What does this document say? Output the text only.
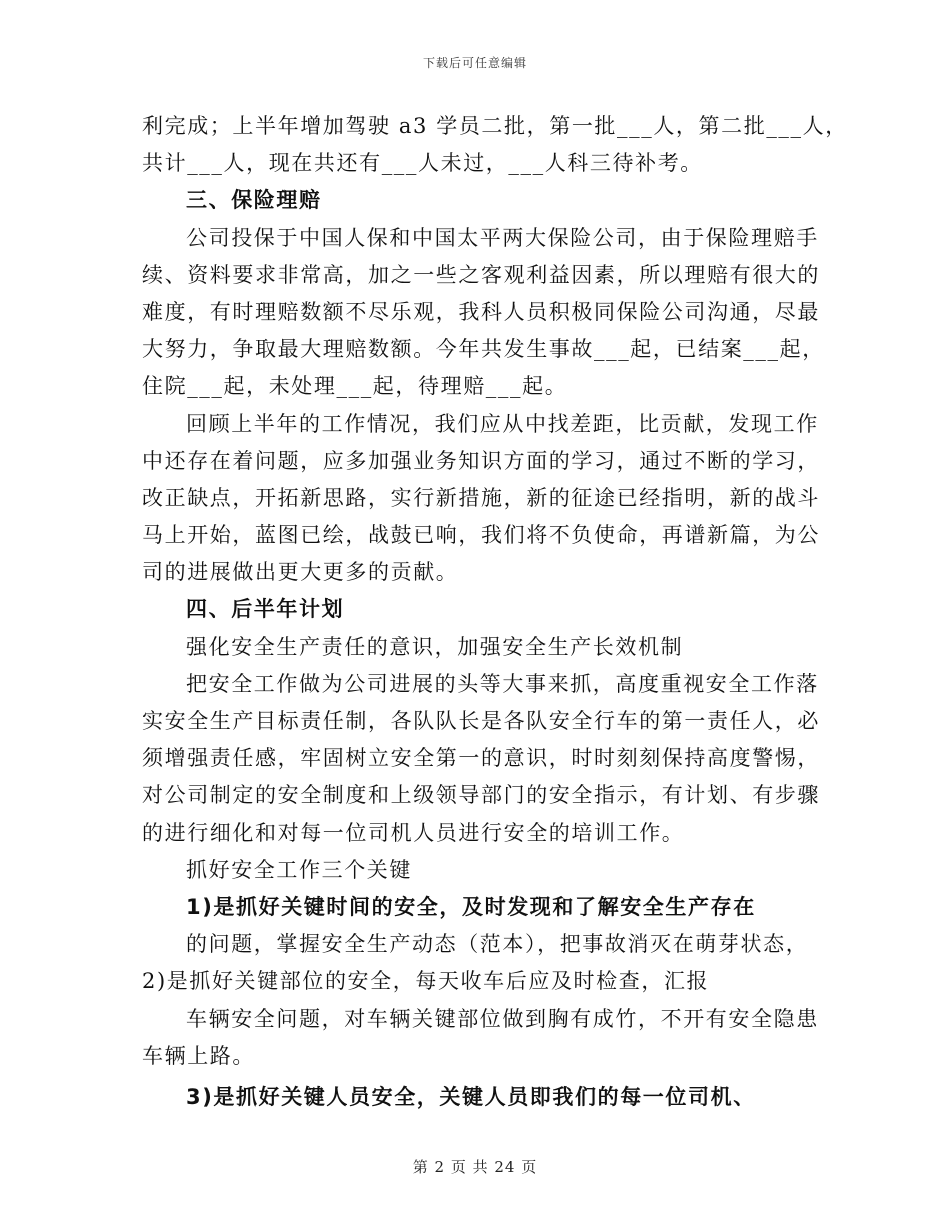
下载后可任意编辑
利完成；上半年增加驾驶 a3 学员二批，第一批___人，第二批___人，
共计___人，现在共还有___人未过，___人科三待补考。
三、保险理赔
公司投保于中国人保和中国太平两大保险公司，由于保险理赔手
续、资料要求非常高，加之一些之客观利益因素，所以理赔有很大的
难度，有时理赔数额不尽乐观，我科人员积极同保险公司沟通，尽最
大努力，争取最大理赔数额。今年共发生事故___起，已结案___起，
住院___起，未处理___起，待理赔___起。
回顾上半年的工作情况，我们应从中找差距，比贡献，发现工作
中还存在着问题，应多加强业务知识方面的学习，通过不断的学习，
改正缺点，开拓新思路，实行新措施，新的征途已经指明，新的战斗
马上开始，蓝图已绘，战鼓已响，我们将不负使命，再谱新篇，为公
司的进展做出更大更多的贡献。
四、后半年计划
强化安全生产责任的意识，加强安全生产长效机制
把安全工作做为公司进展的头等大事来抓，高度重视安全工作落
实安全生产目标责任制，各队队长是各队安全行车的第一责任人，必
须增强责任感，牢固树立安全第一的意识，时时刻刻保持高度警惕，
对公司制定的安全制度和上级领导部门的安全指示，有计划、有步骤
的进行细化和对每一位司机人员进行安全的培训工作。
抓好安全工作三个关键
1)是抓好关键时间的安全，及时发现和了解安全生产存在
的问题，掌握安全生产动态（范本），把事故消灭在萌芽状态，
2)是抓好关键部位的安全，每天收车后应及时检查，汇报
车辆安全问题，对车辆关键部位做到胸有成竹，不开有安全隐患
车辆上路。
3)是抓好关键人员安全，关键人员即我们的每一位司机、
第 2 页 共 24 页
